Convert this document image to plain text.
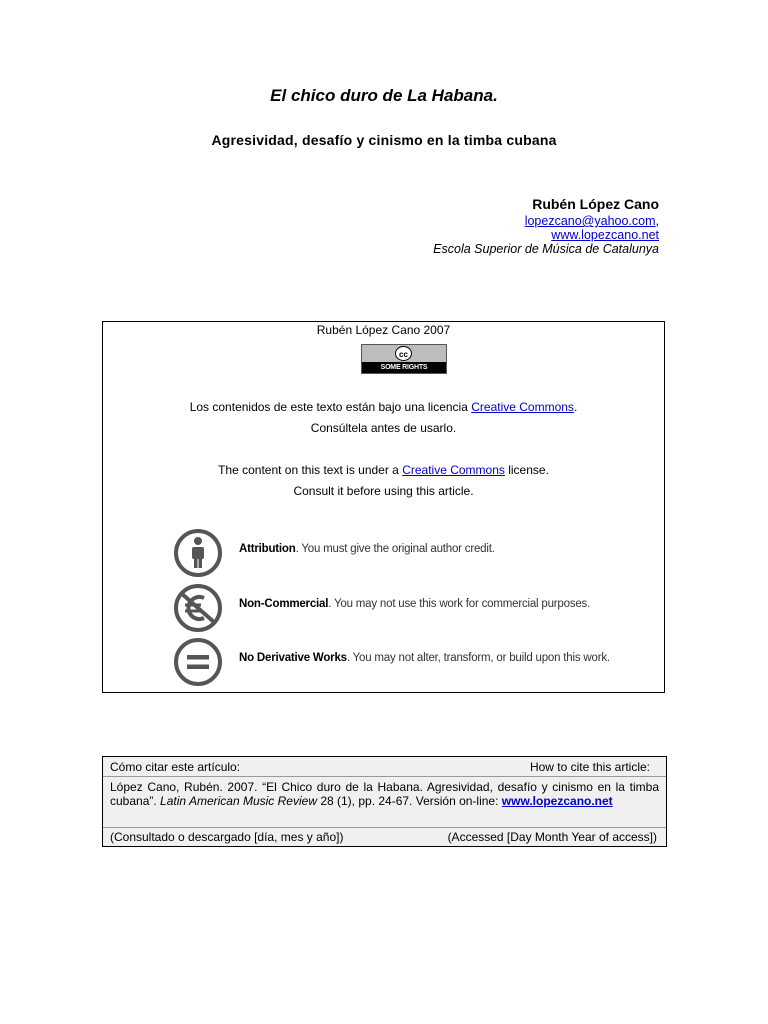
El chico duro de La Habana.
Agresividad, desafío y cinismo en la timba cubana
Rubén López Cano
lopezcano@yahoo.com,
www.lopezcano.net
Escola Superior de Música de Catalunya
Rubén López Cano 2007
cc
SOME RIGHTS RESERVED
Los contenidos de este texto están bajo una licencia Creative Commons.
Consúltela antes de usarlo.
The content on this text is under a Creative Commons license.
Consult it before using this article.
Attribution. You must give the original author credit.
Non-Commercial. You may not use this work for commercial purposes.
No Derivative Works. You may not alter, transform, or build upon this work.
Cómo citar este artículo:	How to cite this article:
López Cano, Rubén. 2007. “El Chico duro de la Habana. Agresividad, desafío y cinismo en la timba cubana”. Latin American Music Review 28 (1), pp. 24-67. Versión on-line: www.lopezcano.net
(Consultado o descargado [día, mes y año])	(Accessed [Day Month Year of access])
